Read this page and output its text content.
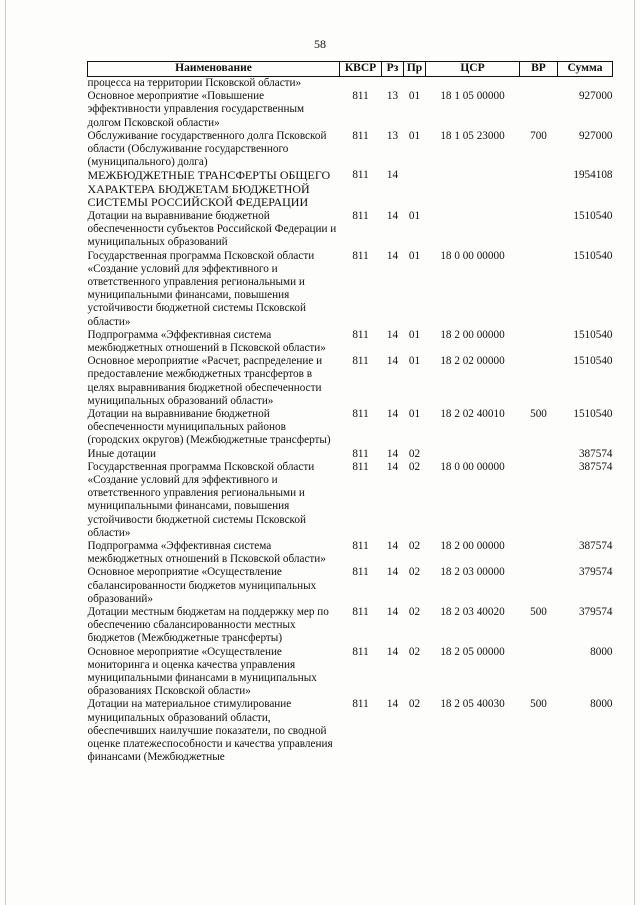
58
Наименование	КВСР	Рз	Пр	ЦСР	ВР	Сумма
процесса на территории Псковской области»						
Основное мероприятие «Повышение эффективности управления государственным долгом Псковской области»	811	13	01	18 1 05 00000		927000
Обслуживание государственного долга Псковской области (Обслуживание государственного (муниципального) долга)	811	13	01	18 1 05 23000	700	927000
МЕЖБЮДЖЕТНЫЕ ТРАНСФЕРТЫ ОБЩЕГО ХАРАКТЕРА БЮДЖЕТАМ БЮДЖЕТНОЙ СИСТЕМЫ РОССИЙСКОЙ ФЕДЕРАЦИИ	811	14				1954108
Дотации на выравнивание бюджетной обеспеченности субъектов Российской Федерации и муниципальных образований	811	14	01			1510540
Государственная программа Псковской области «Создание условий для эффективного и ответственного управления региональными и муниципальными финансами, повышения устойчивости бюджетной системы Псковской области»	811	14	01	18 0 00 00000		1510540
Подпрограмма «Эффективная система межбюджетных отношений в Псковской области»	811	14	01	18 2 00 00000		1510540
Основное мероприятие «Расчет, распределение и предоставление межбюджетных трансфертов в целях выравнивания бюджетной обеспеченности муниципальных образований области»	811	14	01	18 2 02 00000		1510540
Дотации на выравнивание бюджетной обеспеченности муниципальных районов (городских округов) (Межбюджетные трансферты)	811	14	01	18 2 02 40010	500	1510540
Иные дотации	811	14	02			387574
Государственная программа Псковской области «Создание условий для эффективного и ответственного управления региональными и муниципальными финансами, повышения устойчивости бюджетной системы Псковской области»	811	14	02	18 0 00 00000		387574
Подпрограмма «Эффективная система межбюджетных отношений в Псковской области»	811	14	02	18 2 00 00000		387574
Основное мероприятие «Осуществление сбалансированности бюджетов муниципальных образований»	811	14	02	18 2 03 00000		379574
Дотации местным бюджетам на поддержку мер по обеспечению сбалансированности местных бюджетов (Межбюджетные трансферты)	811	14	02	18 2 03 40020	500	379574
Основное мероприятие «Осуществление мониторинга и оценка качества управления муниципальными финансами в муниципальных образованиях Псковской области»	811	14	02	18 2 05 00000		8000
Дотации на материальное стимулирование муниципальных образований области, обеспечивших наилучшие показатели, по сводной оценке платежеспособности и качества управления финансами (Межбюджетные	811	14	02	18 2 05 40030	500	8000
